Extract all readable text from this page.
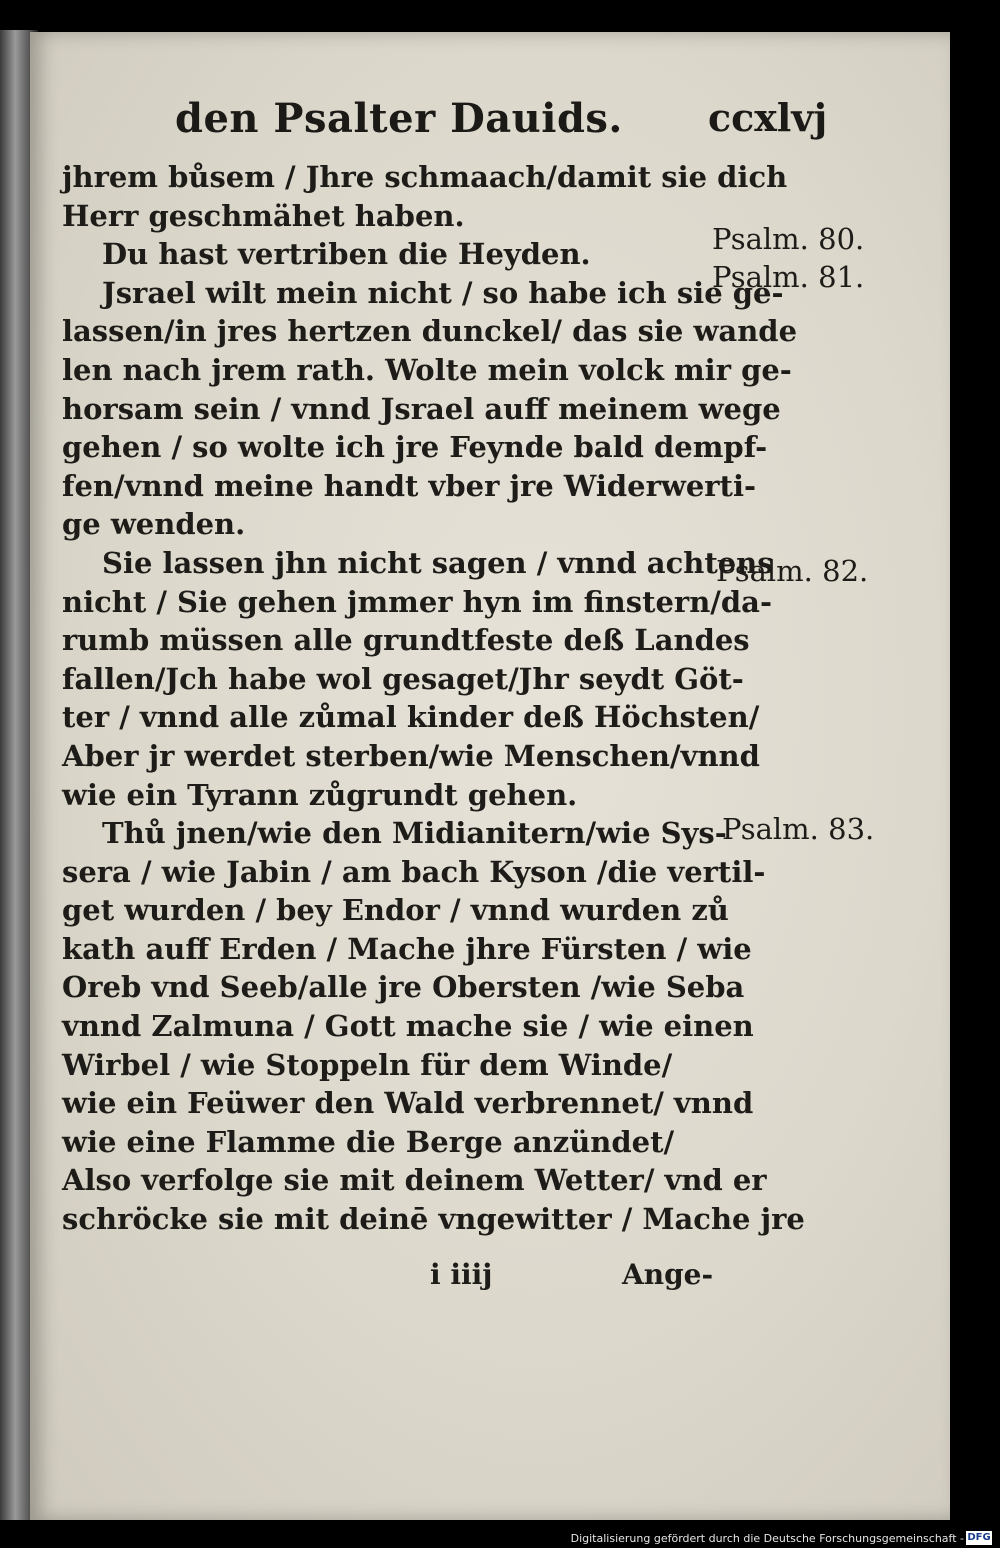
den Psalter Dauids. ccxlvj
jhrem bůsem / Jhre schmaach/damit sie dich
Herr geschmähet haben.
Du hast vertriben die Heyden.
Jsrael wilt mein nicht / so habe ich sie ge-
lassen/in jres hertzen dunckel/ das sie wande
len nach jrem rath. Wolte mein volck mir ge-
horsam sein / vnnd Jsrael auff meinem wege
gehen / so wolte ich jre Feynde bald dempf-
fen/vnnd meine handt vber jre Widerwerti-
ge wenden.
Sie lassen jhn nicht sagen / vnnd achtens
nicht / Sie gehen jmmer hyn im finstern/da-
rumb müssen alle grundtfeste deß Landes
fallen/Jch habe wol gesaget/Jhr seydt Göt-
ter / vnnd alle zůmal kinder deß Höchsten/
Aber jr werdet sterben/wie Menschen/vnnd
wie ein Tyrann zůgrundt gehen.
Thů jnen/wie den Midianitern/wie Sys-
sera / wie Jabin / am bach Kyson /die vertil-
get wurden / bey Endor / vnnd wurden zů
kath auff Erden / Mache jhre Fürsten / wie
Oreb vnd Seeb/alle jre Obersten /wie Seba
vnnd Zalmuna / Gott mache sie / wie einen
Wirbel / wie Stoppeln für dem Winde/
wie ein Feüwer den Wald verbrennet/ vnnd
wie eine Flamme die Berge anzündet/
Also verfolge sie mit deinem Wetter/ vnd er
schröcke sie mit deinē vngewitter / Mache jre
Psalm. 80.
Psalm. 81.
Psalm. 82.
Psalm. 83.
i iiij	Ange-
Digitalisierung gefördert durch die Deutsche Forschungsgemeinschaft - DFG
